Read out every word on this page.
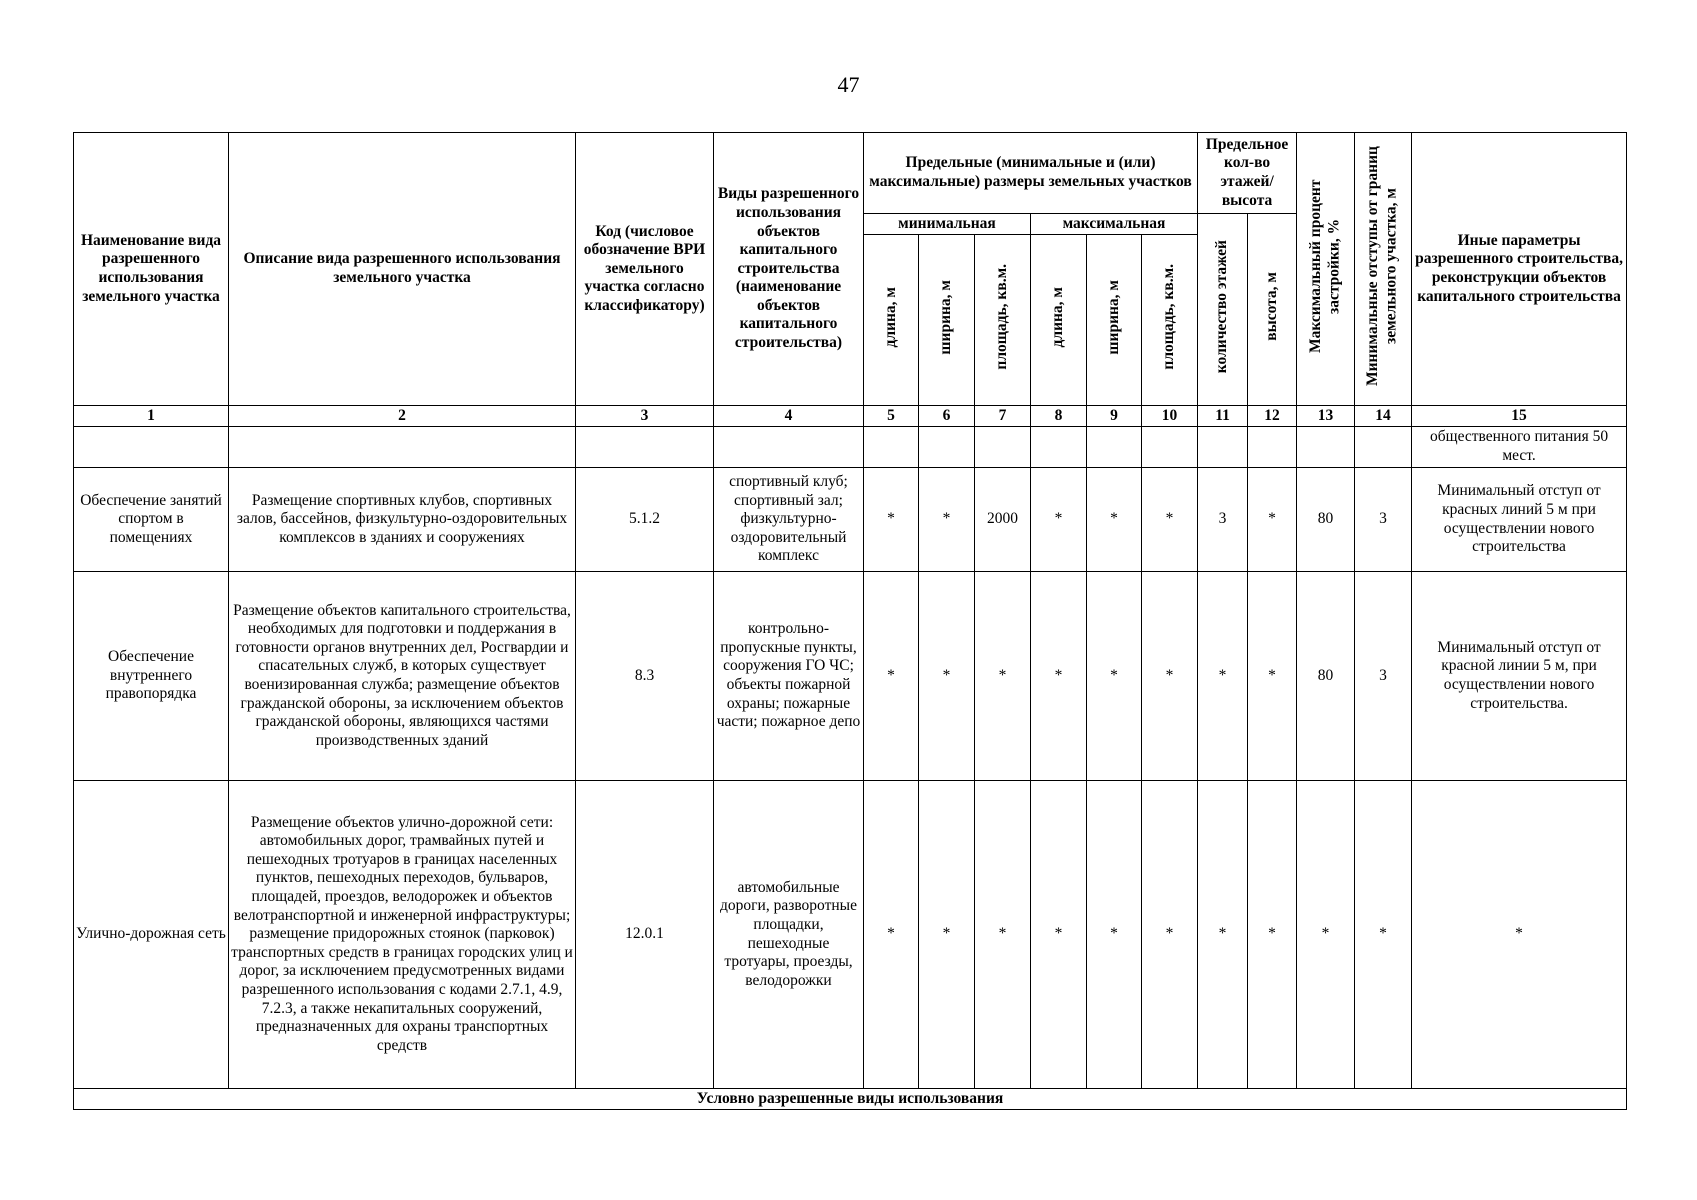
47
Наименование вида разрешенного использования земельного участка	Описание вида разрешенного использования земельного участка	Код (числовое обозначение ВРИ земельного участка согласно классификатору)	Виды разрешенного использования объектов капитального строительства (наименование объектов капитального строительства)	Предельные (минимальные и (или) максимальные) размеры земельных участков						Предельное кол-во этажей/ высота		Максимальный процент застройки, %	Минимальные отступы от границ земельного участка, м	Иные параметры разрешенного строительства, реконструкции объектов капитального строительства
				минимальная			максимальная			количество этажей	высота, м			
				длина, м	ширина, м	площадь, кв.м.	длина, м	ширина, м	площадь, кв.м.					
1	2	3	4	5	6	7	8	9	10	11	12	13	14	15
														общественного питания 50 мест.
Обеспечение занятий спортом в помещениях	Размещение спортивных клубов, спортивных залов, бассейнов, физкультурно-оздоровительных комплексов в зданиях и сооружениях	5.1.2	спортивный клуб; спортивный зал; физкультурно-оздоровительный комплекс	*	*	2000	*	*	*	3	*	80	3	Минимальный отступ от красных линий 5 м при осуществлении нового строительства
Обеспечение внутреннего правопорядка	Размещение объектов капитального строительства, необходимых для подготовки и поддержания в готовности органов внутренних дел, Росгвардии и спасательных служб, в которых существует военизированная служба; размещение объектов гражданской обороны, за исключением объектов гражданской обороны, являющихся частями производственных зданий	8.3	контрольно-пропускные пункты, сооружения ГО ЧС; объекты пожарной охраны; пожарные части; пожарное депо	*	*	*	*	*	*	*	*	80	3	Минимальный отступ от красной линии 5 м, при осуществлении нового строительства.
Улично-дорожная сеть	Размещение объектов улично-дорожной сети: автомобильных дорог, трамвайных путей и пешеходных тротуаров в границах населенных пунктов, пешеходных переходов, бульваров, площадей, проездов, велодорожек и объектов велотранспортной и инженерной инфраструктуры; размещение придорожных стоянок (парковок) транспортных средств в границах городских улиц и дорог, за исключением предусмотренных видами разрешенного использования с кодами 2.7.1, 4.9, 7.2.3, а также некапитальных сооружений, предназначенных для охраны транспортных средств	12.0.1	автомобильные дороги, разворотные площадки, пешеходные тротуары, проезды, велодорожки	*	*	*	*	*	*	*	*	*	*	*
Условно разрешенные виды использования														
